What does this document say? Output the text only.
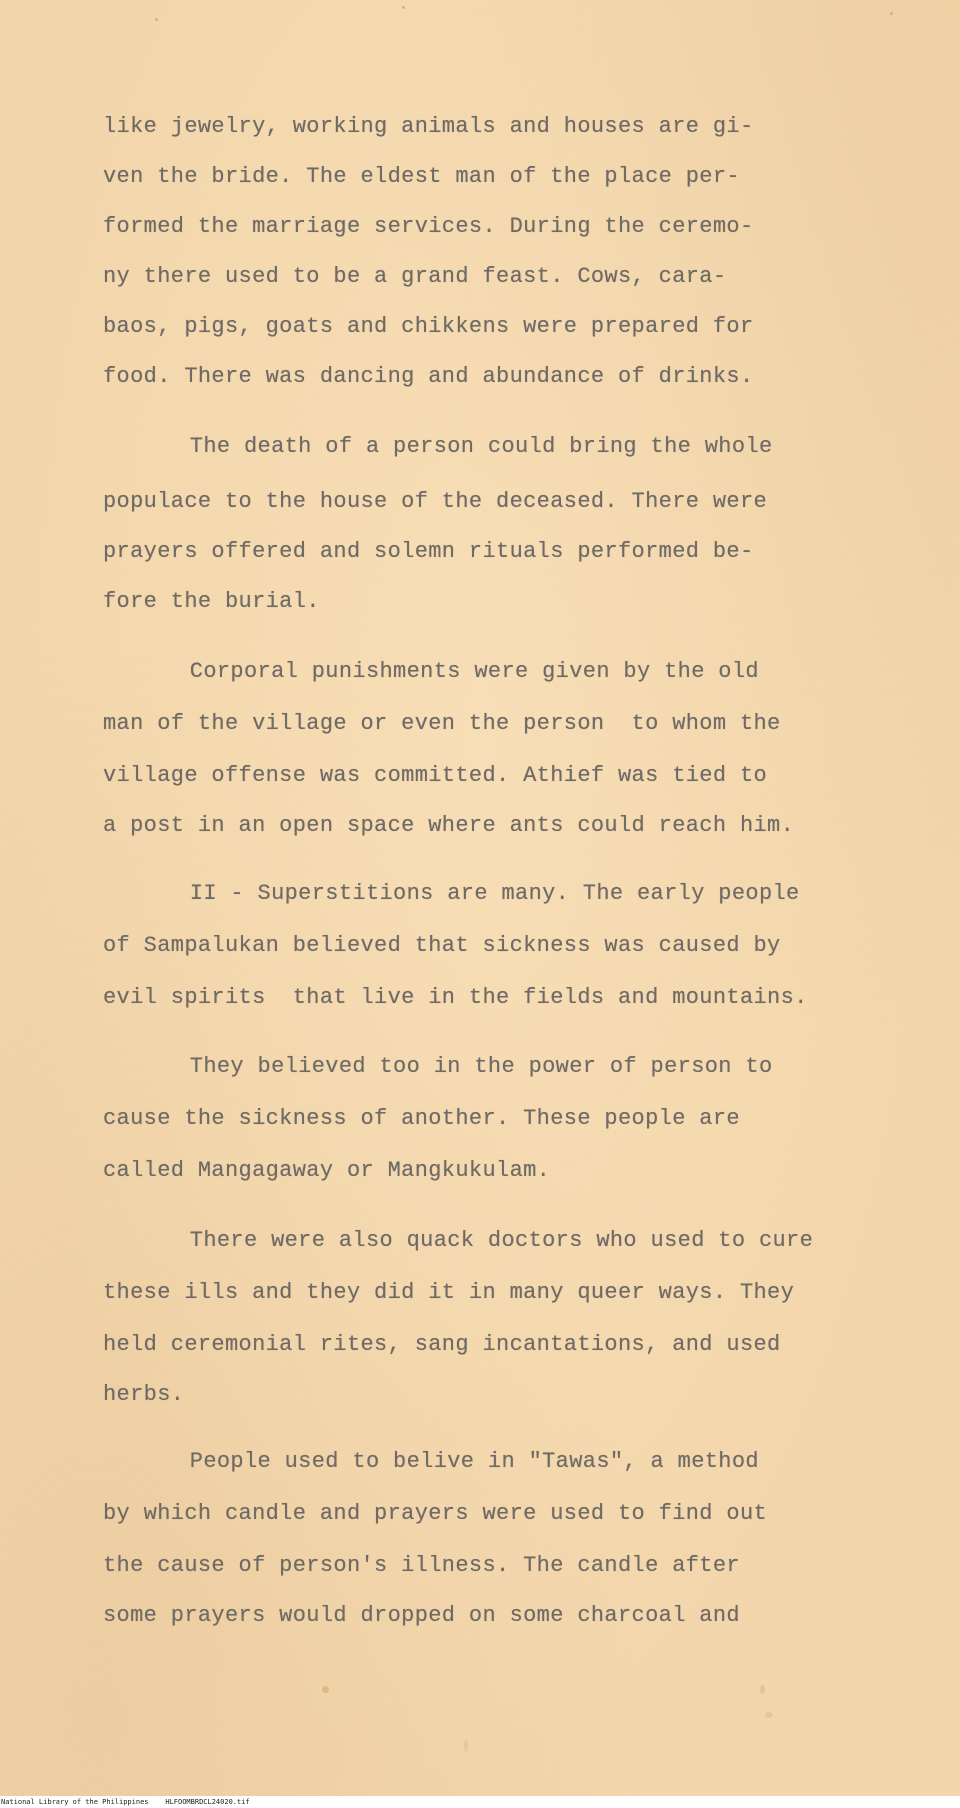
like jewelry, working animals and houses are gi-
ven the bride. The eldest man of the place per-
formed the marriage services. During the ceremo-
ny there used to be a grand feast. Cows, cara-
baos, pigs, goats and chikkens were prepared for
food. There was dancing and abundance of drinks.
The death of a person could bring the whole
populace to the house of the deceased. There were
prayers offered and solemn rituals performed be-
fore the burial.
Corporal punishments were given by the old
man of the village or even the person  to whom the
village offense was committed. Athief was tied to
a post in an open space where ants could reach him.
II - Superstitions are many. The early people
of Sampalukan believed that sickness was caused by
evil spirits  that live in the fields and mountains.
They believed too in the power of person to
cause the sickness of another. These people are
called Mangagaway or Mangkukulam.
There were also quack doctors who used to cure
these ills and they did it in many queer ways. They
held ceremonial rites, sang incantations, and used
herbs.
People used to belive in "Tawas", a method
by which candle and prayers were used to find out
the cause of person's illness. The candle after
some prayers would dropped on some charcoal and
National Library of the Philippines    HLFOOMBRDCL24020.tif
